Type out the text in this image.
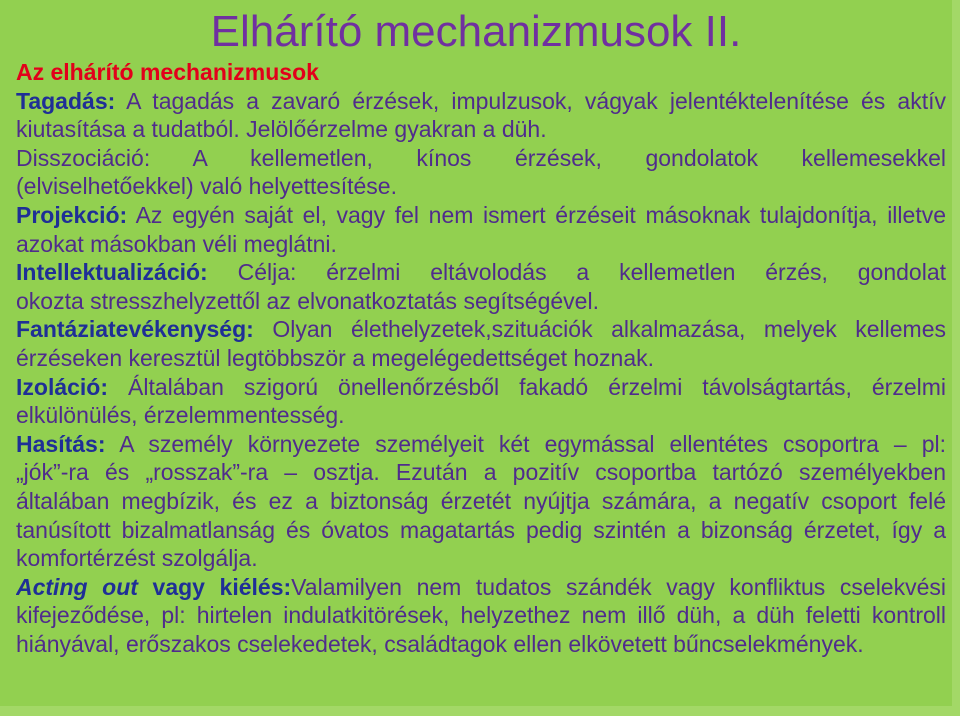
Elhárító mechanizmusok II.
Az elhárító mechanizmusok
Tagadás: A tagadás a zavaró érzések, impulzusok, vágyak jelentéktelenítése és aktív
kiutasítása a tudatból. Jelölőérzelme gyakran a düh.
Disszociáció: A kellemetlen, kínos érzések, gondolatok kellemesekkel
(elviselhetőekkel) való helyettesítése.
Projekció: Az egyén saját el, vagy fel nem ismert érzéseit másoknak tulajdonítja, illetve
azokat másokban véli meglátni.
Intellektualizáció: Célja: érzelmi eltávolodás a kellemetlen érzés, gondolat
okozta stresszhelyzettől az elvonatkoztatás segítségével.
Fantáziatevékenység: Olyan élethelyzetek,szituációk alkalmazása, melyek kellemes
érzéseken keresztül legtöbbször a megelégedettséget hoznak.
Izoláció: Általában szigorú önellenőrzésből fakadó érzelmi távolságtartás, érzelmi
elkülönülés, érzelemmentesség.
Hasítás: A személy környezete személyeit két egymással ellentétes csoportra – pl:
„jók”-ra és „rosszak”-ra – osztja. Ezután a pozitív csoportba tartózó személyekben
általában megbízik, és ez a biztonság érzetét nyújtja számára, a negatív csoport felé
tanúsított bizalmatlanság és óvatos magatartás pedig szintén a bizonság érzetet, így a
komfortérzést szolgálja.
Acting out vagy kiélés:Valamilyen nem tudatos szándék vagy konfliktus cselekvési
kifejeződése, pl: hirtelen indulatkitörések, helyzethez nem illő düh, a düh feletti kontroll
hiányával, erőszakos cselekedetek, családtagok ellen elkövetett bűncselekmények.
